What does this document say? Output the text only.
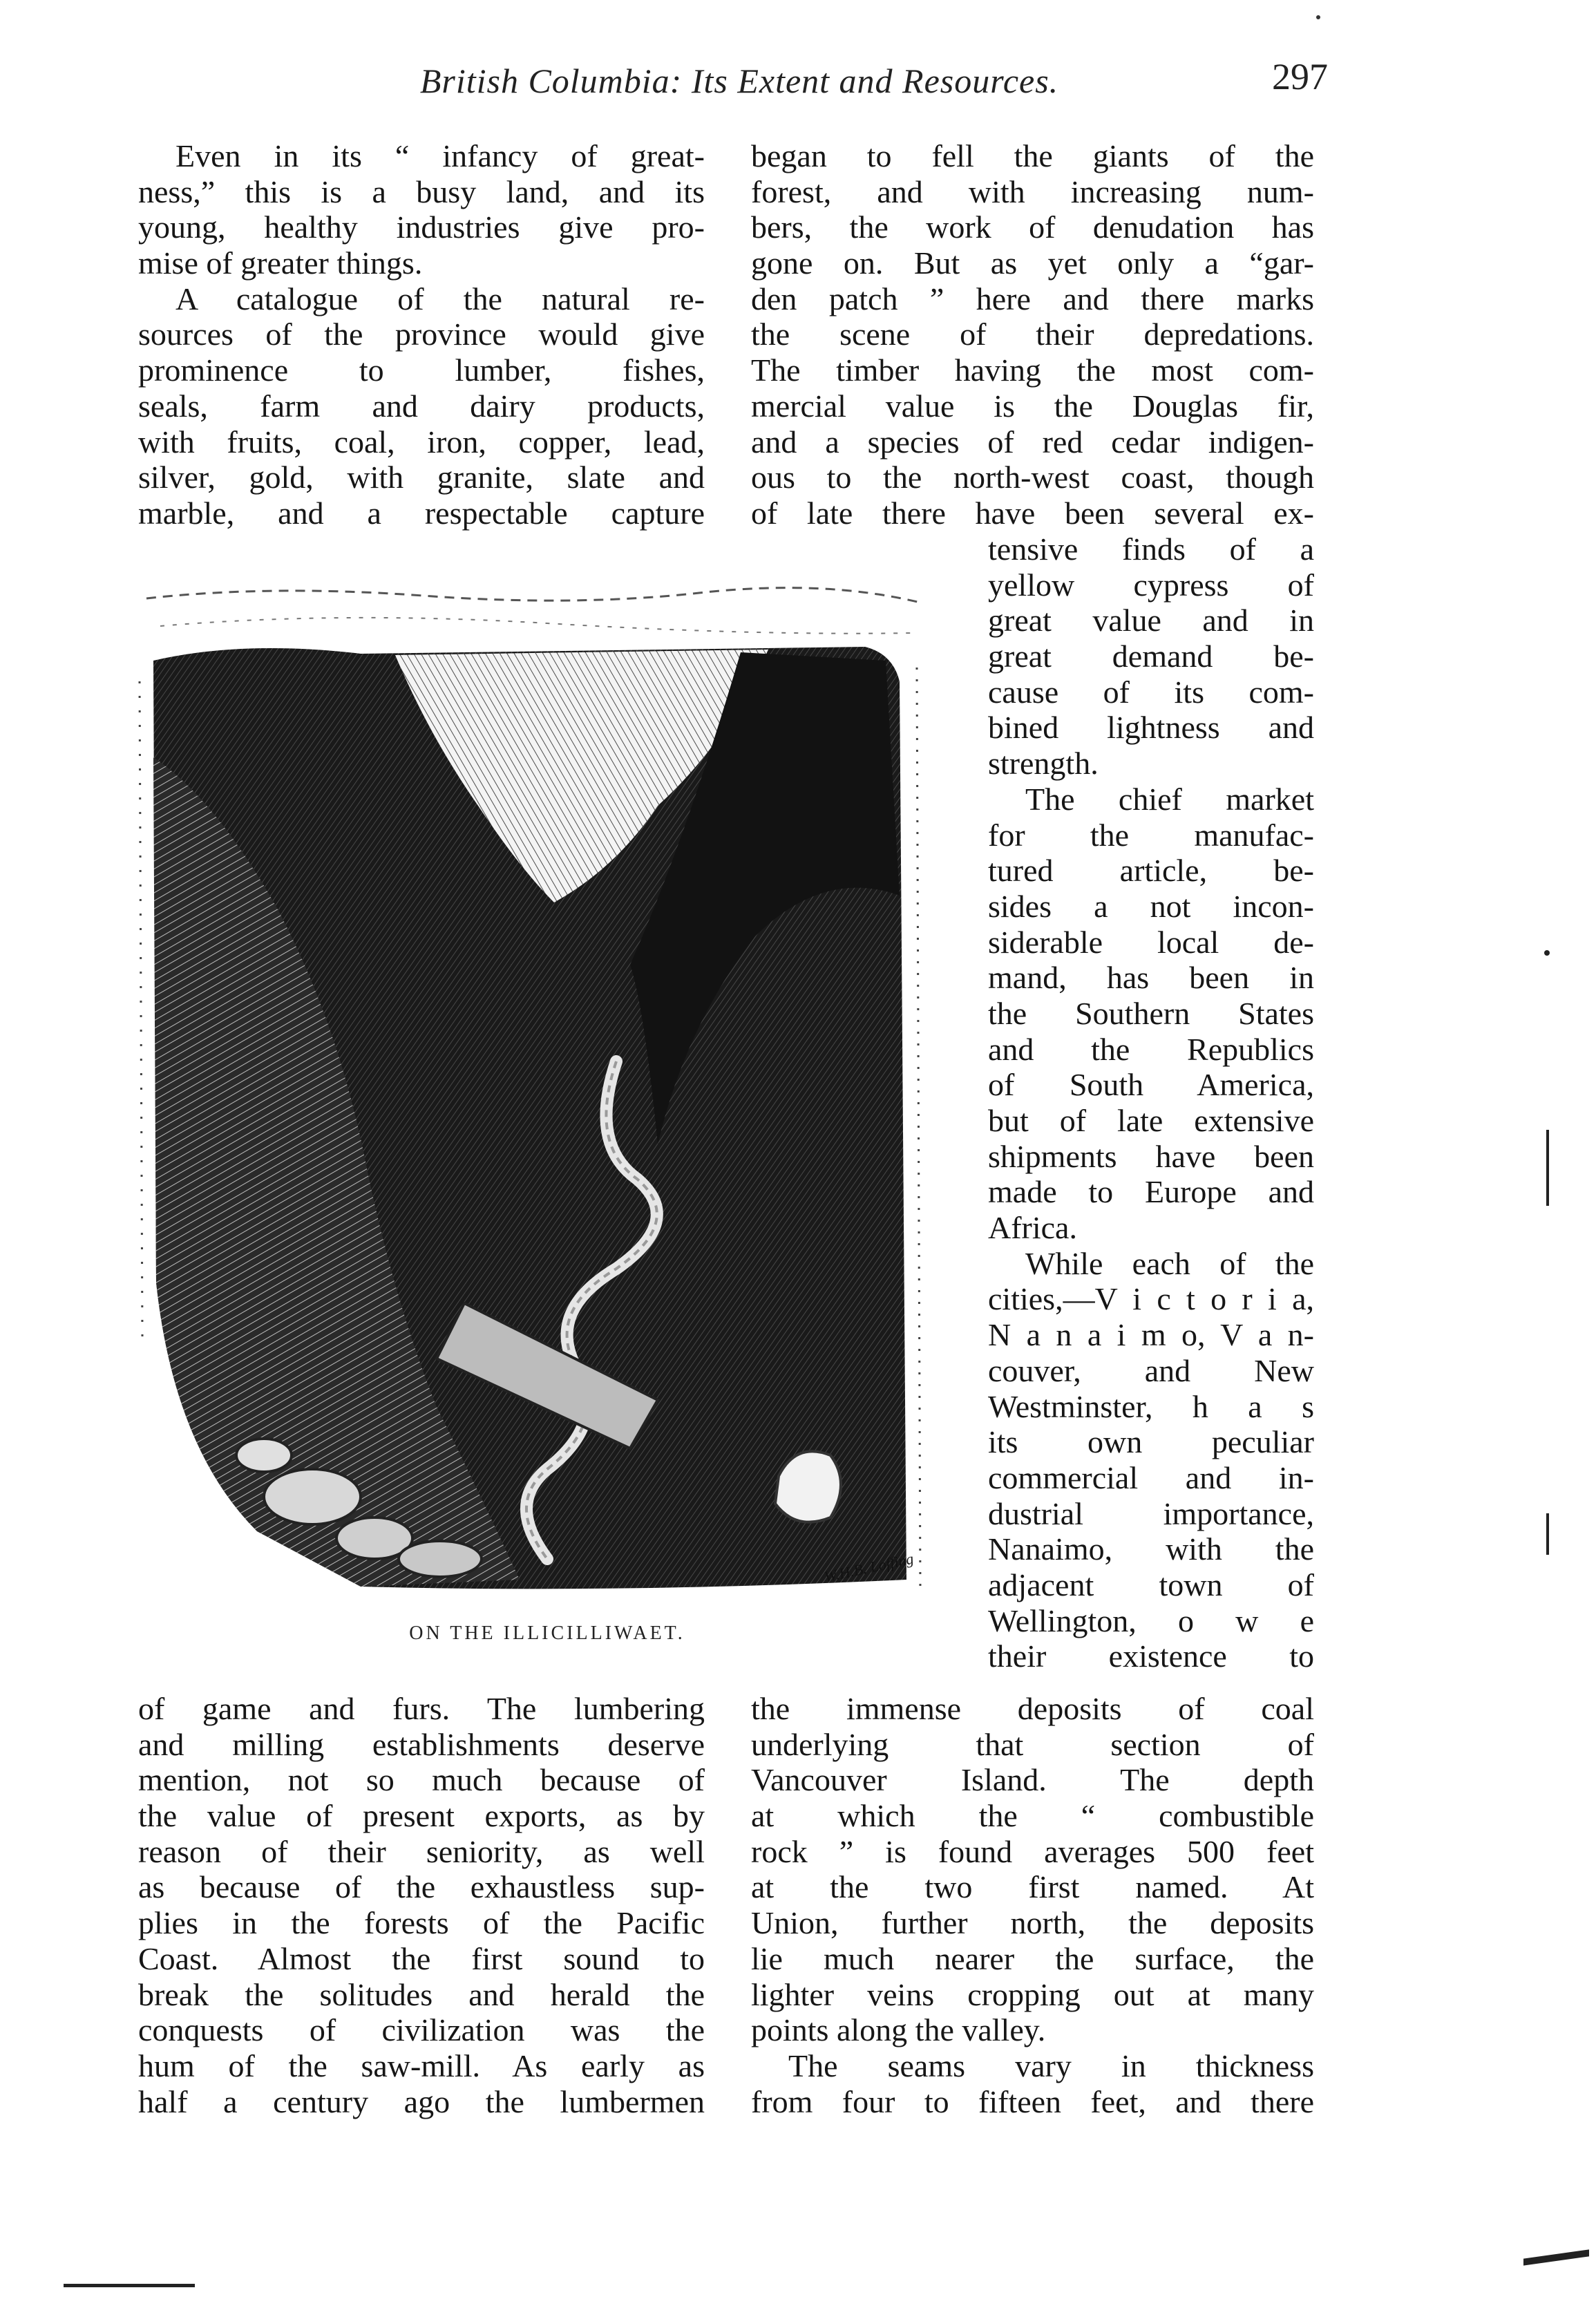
British Columbia: Its Extent and Resources.	297
Even in its “ infancy of great-
ness,” this is a busy land, and its
young, healthy industries give pro-
mise of greater things.
A catalogue of the natural re-
sources of the province would give
prominence to lumber, fishes,
seals, farm and dairy products,
with fruits, coal, iron, copper, lead,
silver, gold, with granite, slate and
marble, and a respectable capture
began to fell the giants of the
forest, and with increasing num-
bers, the work of denudation has
gone on. But as yet only a “gar-
den patch ” here and there marks
the scene of their depredations.
The timber having the most com-
mercial value is the Douglas fir,
and a species of red cedar indigen-
ous to the north-west coast, though
of late there have been several ex-
tensive finds of a
yellow cypress of
great value and in
great demand be-
cause of its com-
bined lightness and
strength.
The chief market
for the manufac-
tured article, be-
sides a not incon-
siderable local de-
mand, has been in
the Southern States
and the Republics
of South America,
but of late extensive
shipments have been
made to Europe and
Africa.
While each of the
cities,—V i c t o r i a,
N a n a i m o, V a n-
couver, and New
Westminster, h a s
its own peculiar
commercial and in-
dustrial importance,
Nanaimo, with the
adjacent town of
Wellington, o w e
their existence to
W.H.B. Loffing
ON THE ILLICILLIWAET.
of game and furs. The lumbering
and milling establishments deserve
mention, not so much because of
the value of present exports, as by
reason of their seniority, as well
as because of the exhaustless sup-
plies in the forests of the Pacific
Coast. Almost the first sound to
break the solitudes and herald the
conquests of civilization was the
hum of the saw-mill. As early as
half a century ago the lumbermen
the immense deposits of coal
underlying that section of
Vancouver Island. The depth
at which the “ combustible
rock ” is found averages 500 feet
at the two first named. At
Union, further north, the deposits
lie much nearer the surface, the
lighter veins cropping out at many
points along the valley.
The seams vary in thickness
from four to fifteen feet, and there
